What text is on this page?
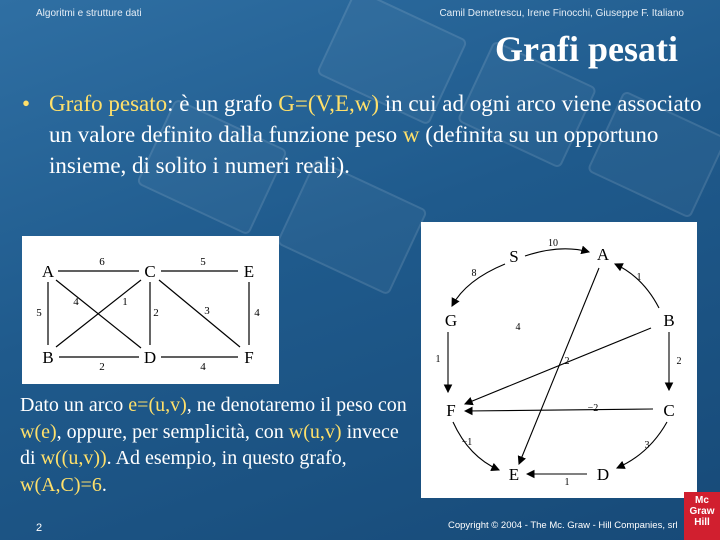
Algoritmi e strutture dati	Camil Demetrescu, Irene Finocchi, Giuseppe F. Italiano
Grafi pesati
• Grafo pesato: è un grafo G=(V,E,w) in cui ad ogni arco viene associato un valore definito dalla funzione peso w (definita su un opportuno insieme, di solito i numeri reali).
A	C	E
B	D	F
6	5
5
4	1
2	3	4
2	4
S	A
G	B
F	C
E	D
10
8	1
4
1	2	2
−2
−1	3
1
Dato un arco e=(u,v), ne denotaremo il peso con w(e), oppure, per semplicità, con w(u,v) invece di w((u,v)). Ad esempio, in questo grafo, w(A,C)=6.
2	Copyright © 2004 - The Mc. Graw - Hill Companies, srl
Mc
Graw
Hill
